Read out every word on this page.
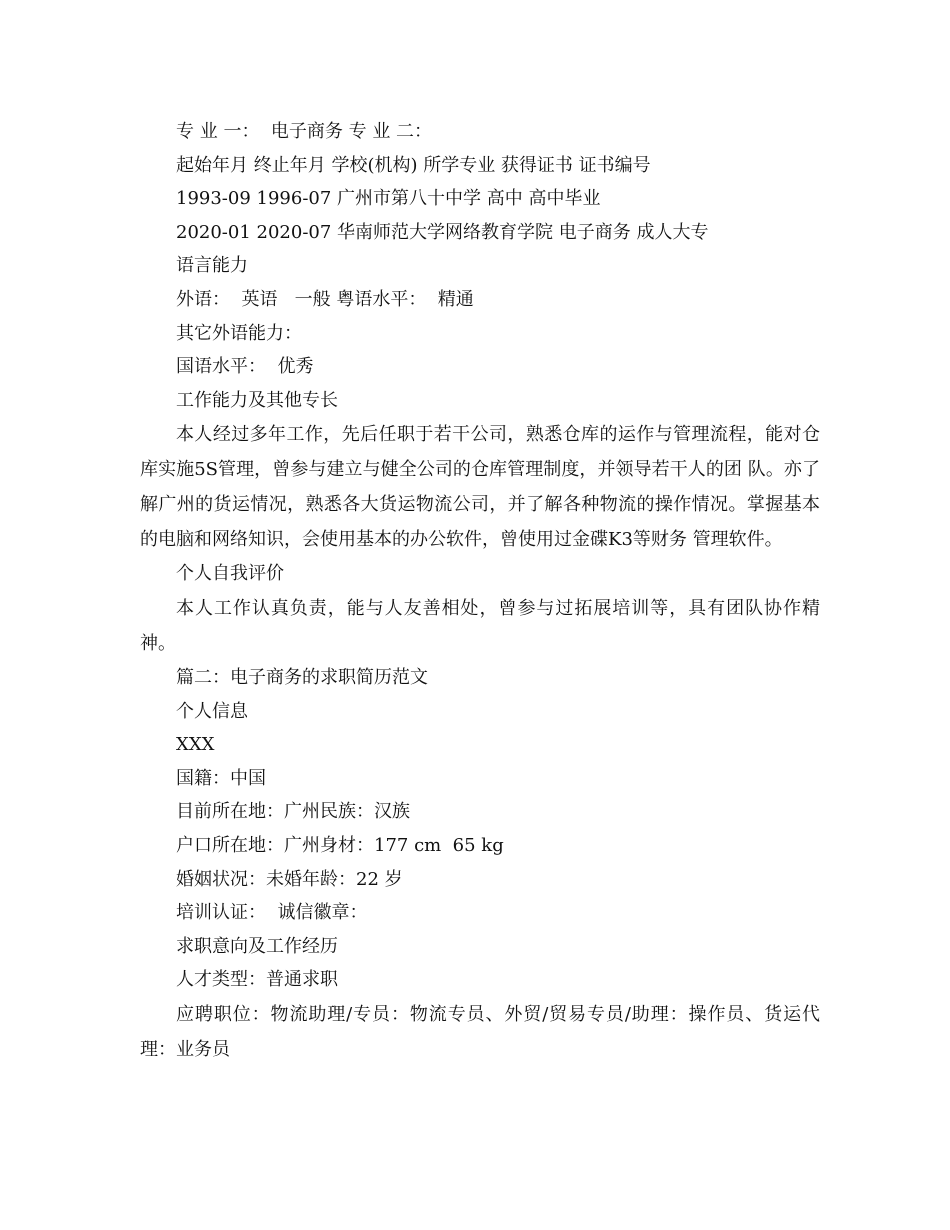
专 业 一：  电子商务 专 业 二：

起始年月 终止年月 学校(机构) 所学专业 获得证书 证书编号

1993-09 1996-07 广州市第八十中学 高中 高中毕业

2020-01 2020-07 华南师范大学网络教育学院 电子商务 成人大专

语言能力

外语：  英语   一般 粤语水平：  精通

其它外语能力：

国语水平：  优秀

工作能力及其他专长

本人经过多年工作，先后任职于若干公司，熟悉仓库的运作与管理流程，能对仓库实施5S管理，曾参与建立与健全公司的仓库管理制度，并领导若干人的团 队。亦了解广州的货运情况，熟悉各大货运物流公司，并了解各种物流的操作情况。掌握基本的电脑和网络知识，会使用基本的办公软件，曾使用过金碟K3等财务 管理软件。

个人自我评价

本人工作认真负责，能与人友善相处，曾参与过拓展培训等，具有团队协作精神。

篇二：电子商务的求职简历范文

个人信息

XXX

国籍：中国

目前所在地：广州民族：汉族

户口所在地：广州身材：177 cm  65 kg

婚姻状况：未婚年龄：22 岁

培训认证：  诚信徽章：

求职意向及工作经历

人才类型：普通求职

应聘职位：物流助理/专员：物流专员、外贸/贸易专员/助理：操作员、货运代理：业务员
